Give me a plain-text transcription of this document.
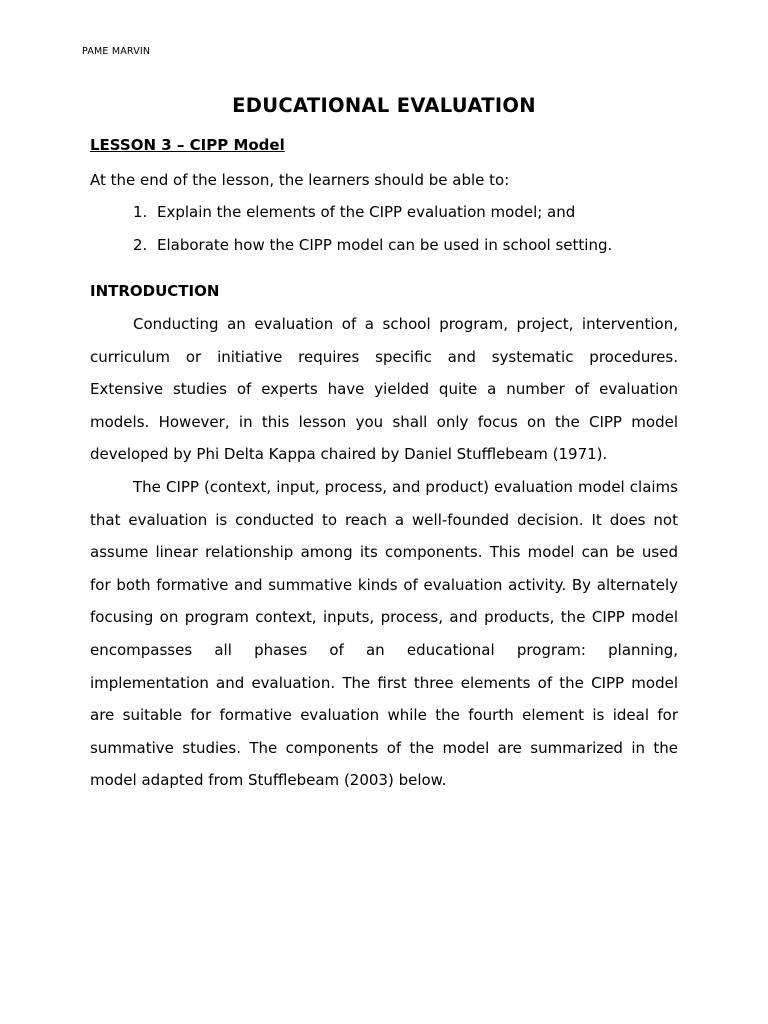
PAME MARVIN
EDUCATIONAL EVALUATION
LESSON 3 – CIPP Model
At the end of the lesson, the learners should be able to:
1. Explain the elements of the CIPP evaluation model; and
2. Elaborate how the CIPP model can be used in school setting.
INTRODUCTION

Conducting an evaluation of a school program, project, intervention, curriculum or initiative requires specific and systematic procedures. Extensive studies of experts have yielded quite a number of evaluation models. However, in this lesson you shall only focus on the CIPP model developed by Phi Delta Kappa chaired by Daniel Stufflebeam (1971).

The CIPP (context, input, process, and product) evaluation model claims that evaluation is conducted to reach a well-founded decision. It does not assume linear relationship among its components. This model can be used for both formative and summative kinds of evaluation activity. By alternately focusing on program context, inputs, process, and products, the CIPP model encompasses all phases of an educational program: planning, implementation and evaluation. The first three elements of the CIPP model are suitable for formative evaluation while the fourth element is ideal for summative studies. The components of the model are summarized in the model adapted from Stufflebeam (2003) below.
